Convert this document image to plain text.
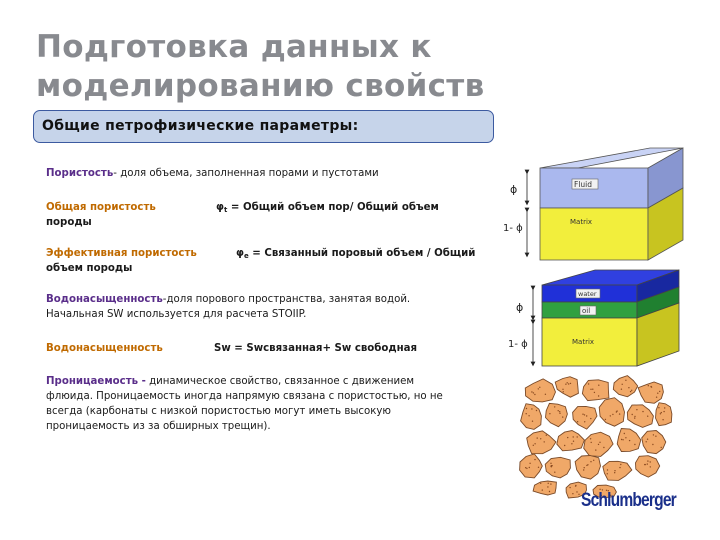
Подготовка данных к моделированию свойств
Общие петрофизические параметры:
Пористость- доля объема, заполненная порами и пустотами
Общая пористость	$\varphi_t$ = Общий объем пор/ Общий объем

породы
Эффективная пористость	$\varphi_e$ = Связанный поровый объем / Общий

объем породы
Водонасыщенность-доля порового пространства, занятая водой.
Начальная SW используется для расчета STOIIP.
Водонасыщенность	Sw = Swсвязанная+ Sw свободная
Проницаемость - динамическое свойство, связанное с движением
флюида. Проницаемость иногда напрямую связана с пористостью, но не
всегда (карбонаты с низкой пористостью могут иметь высокую
проницаемость из за обширных трещин).
Fluid
Matrix
ϕ
1- ϕ
water
oil
Matrix
ϕ
1- ϕ
Schlumberger
